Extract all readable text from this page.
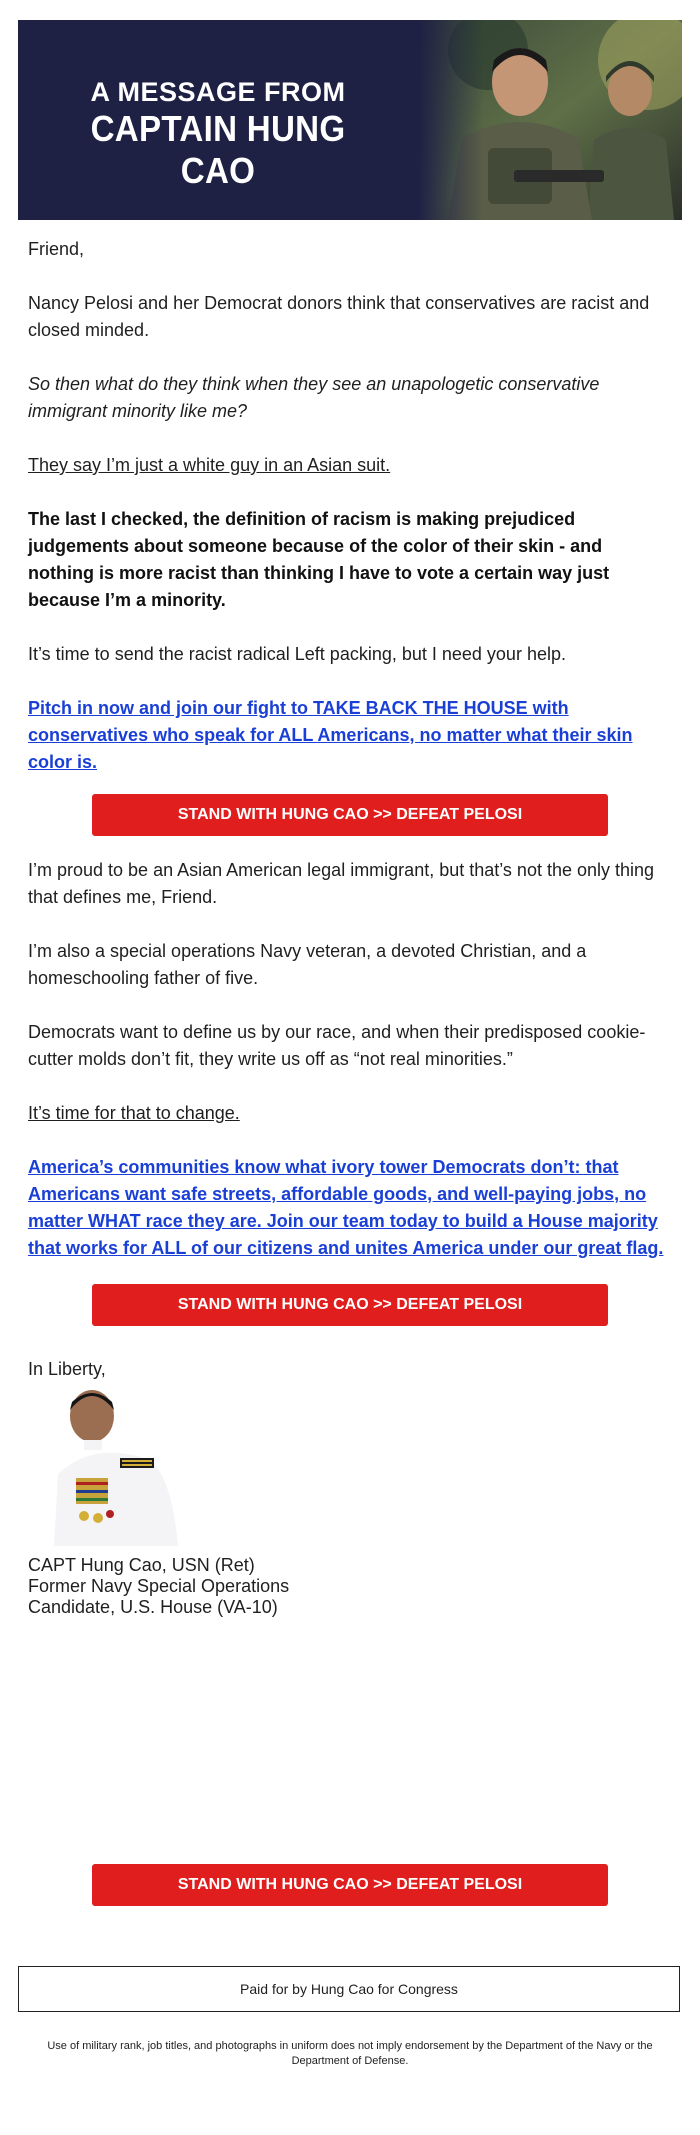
A MESSAGE FROM
CAPTAIN HUNG CAO

Friend,

Nancy Pelosi and her Democrat donors think that conservatives are racist and closed minded.

So then what do they think when they see an unapologetic conservative immigrant minority like me?

They say I’m just a white guy in an Asian suit.

The last I checked, the definition of racism is making prejudiced judgements about someone because of the color of their skin - and nothing is more racist than thinking I have to vote a certain way just because I’m a minority.

It’s time to send the racist radical Left packing, but I need your help.

Pitch in now and join our fight to TAKE BACK THE HOUSE with conservatives who speak for ALL Americans, no matter what their skin color is.

STAND WITH HUNG CAO >> DEFEAT PELOSI

I’m proud to be an Asian American legal immigrant, but that’s not the only thing that defines me, Friend.

I’m also a special operations Navy veteran, a devoted Christian, and a homeschooling father of five.

Democrats want to define us by our race, and when their predisposed cookie-cutter molds don’t fit, they write us off as “not real minorities.”

It’s time for that to change.

America’s communities know what ivory tower Democrats don’t: that Americans want safe streets, affordable goods, and well-paying jobs, no matter WHAT race they are. Join our team today to build a House majority that works for ALL of our citizens and unites America under our great flag.

STAND WITH HUNG CAO >> DEFEAT PELOSI

In Liberty,

CAPT Hung Cao, USN (Ret)
Former Navy Special Operations
Candidate, U.S. House (VA-10)
STAND WITH HUNG CAO >> DEFEAT PELOSI
Paid for by Hung Cao for Congress
Use of military rank, job titles, and photographs in uniform does not imply endorsement by the Department of the Navy or the Department of Defense.
